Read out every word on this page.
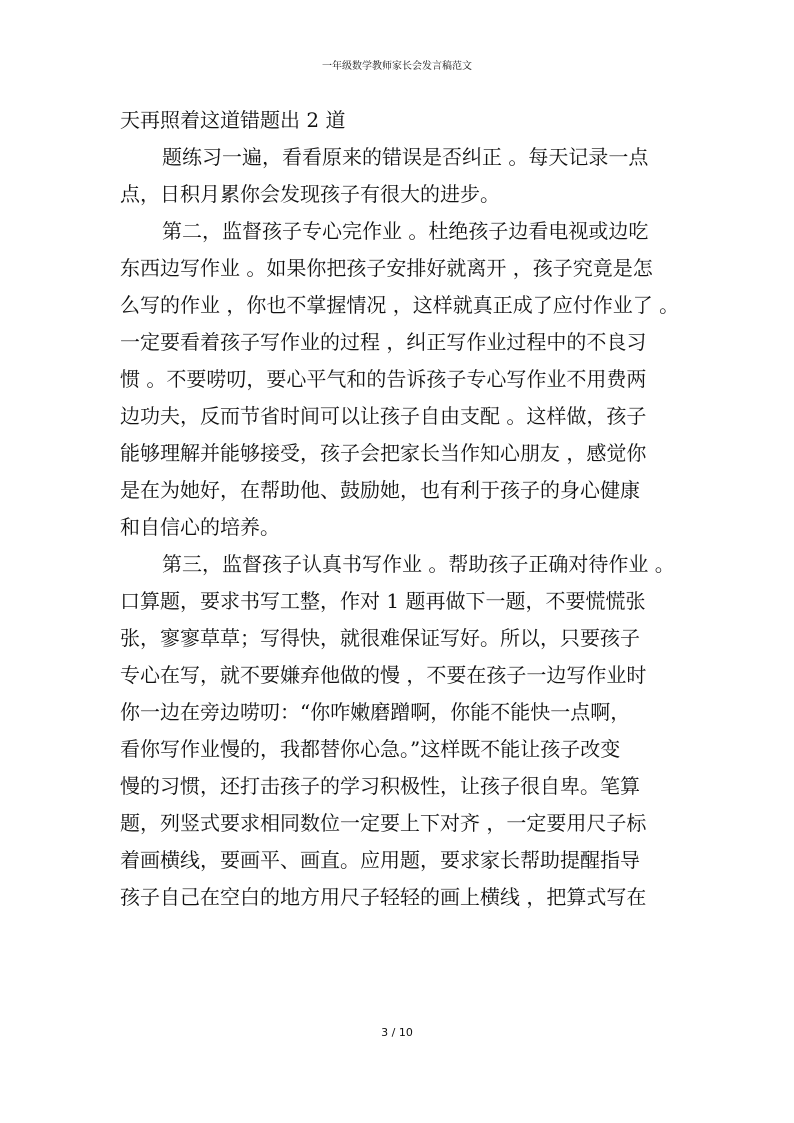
一年级数学教师家长会发言稿范文
天再照着这道错题出 2 道
题练习一遍，看看原来的错误是否纠正 。每天记录一点
点，日积月累你会发现孩子有很大的进步。
第二，监督孩子专心完作业 。杜绝孩子边看电视或边吃
东西边写作业 。如果你把孩子安排好就离开 ，孩子究竟是怎
么写的作业 ，你也不掌握情况 ，这样就真正成了应付作业了 。
一定要看着孩子写作业的过程 ，纠正写作业过程中的不良习
惯 。不要唠叨，要心平气和的告诉孩子专心写作业不用费两
边功夫，反而节省时间可以让孩子自由支配 。这样做，孩子
能够理解并能够接受，孩子会把家长当作知心朋友 ，感觉你
是在为她好，在帮助他、鼓励她，也有利于孩子的身心健康
和自信心的培养。
第三，监督孩子认真书写作业 。帮助孩子正确对待作业 。
口算题，要求书写工整，作对 1 题再做下一题，不要慌慌张
张，寥寥草草；写得快，就很难保证写好。所以，只要孩子
专心在写，就不要嫌弃他做的慢 ，不要在孩子一边写作业时
你一边在旁边唠叨：“你咋嫩磨蹭啊，你能不能快一点啊，
看你写作业慢的，我都替你心急。”这样既不能让孩子改变
慢的习惯，还打击孩子的学习积极性，让孩子很自卑。笔算
题，列竖式要求相同数位一定要上下对齐 ，一定要用尺子标
着画横线，要画平、画直。应用题，要求家长帮助提醒指导
孩子自己在空白的地方用尺子轻轻的画上横线 ，把算式写在
3 / 10
